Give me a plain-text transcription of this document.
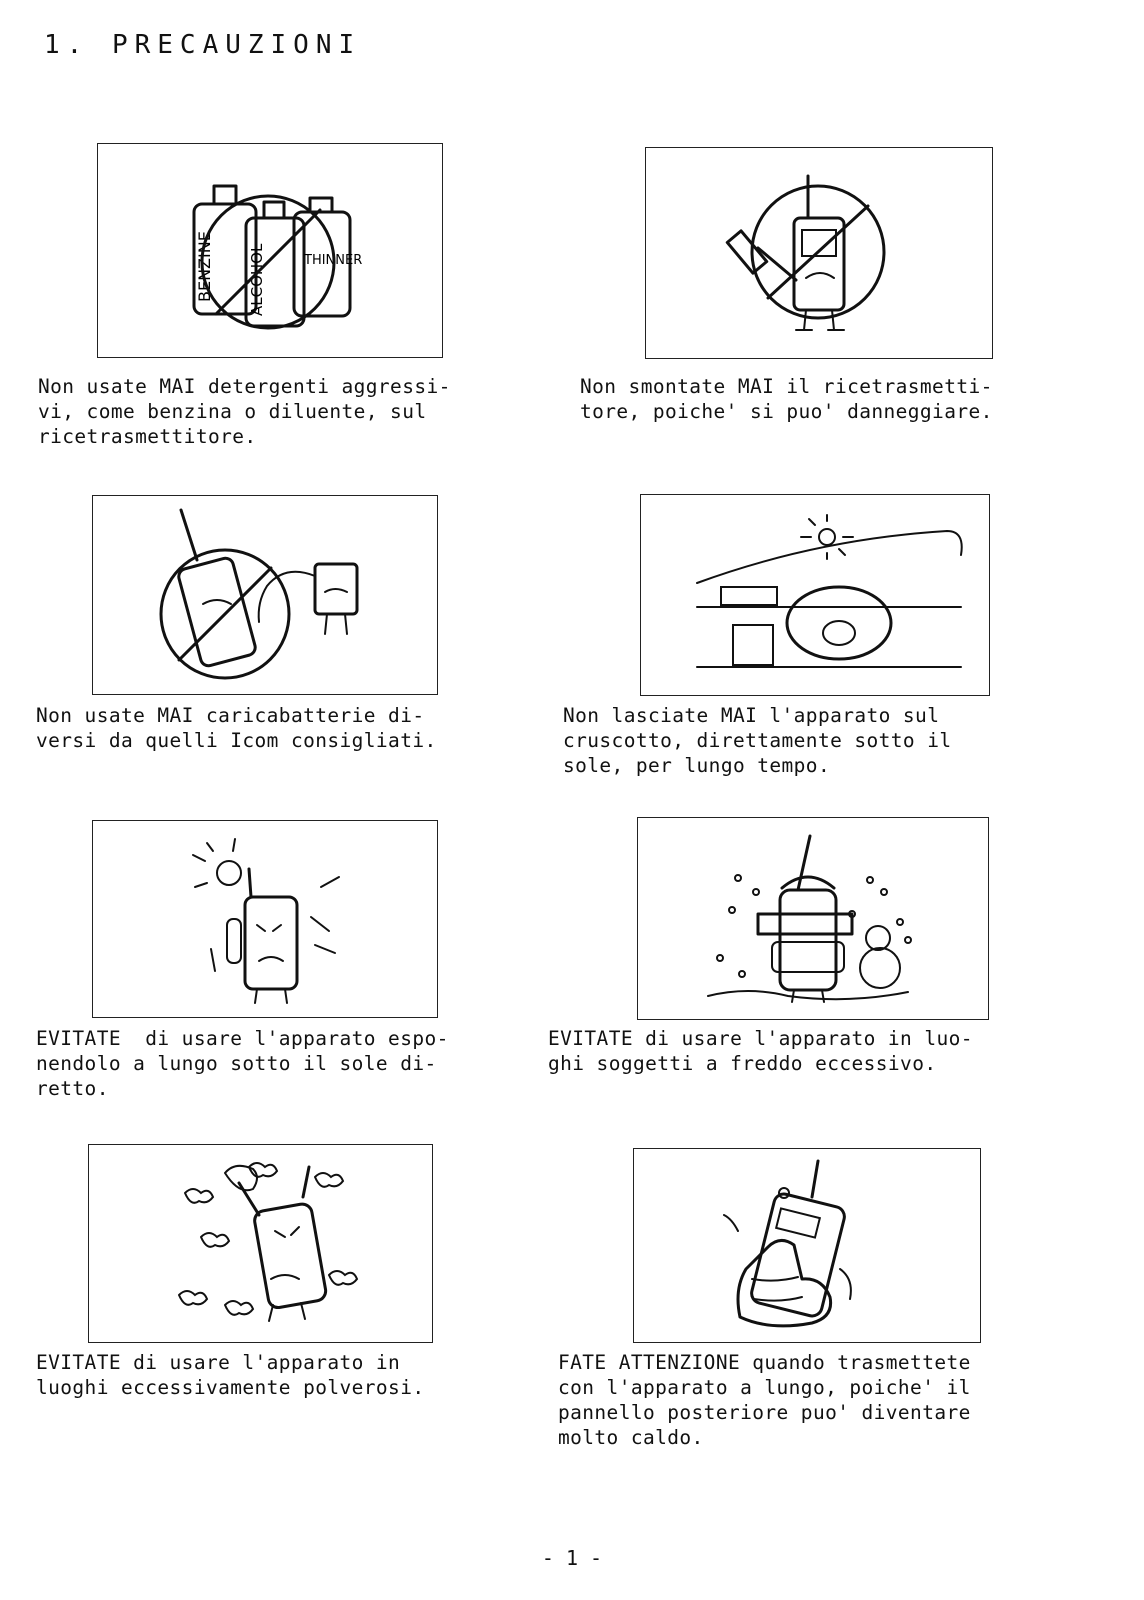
1. PRECAUZIONI
BENZINE ALCOHOL	THINNER
Non usate MAI detergenti aggressi-
vi, come benzina o diluente, sul
ricetrasmettitore.
Non smontate MAI il ricetrasmetti-
tore, poiche' si puo' danneggiare.
Non usate MAI caricabatterie di-
versi da quelli Icom consigliati.
Non lasciate MAI l'apparato sul
cruscotto, direttamente sotto il
sole, per lungo tempo.
EVITATE  di usare l'apparato espo-
nendolo a lungo sotto il sole di-
retto.
EVITATE di usare l'apparato in luo-
ghi soggetti a freddo eccessivo.
EVITATE di usare l'apparato in
luoghi eccessivamente polverosi.
FATE ATTENZIONE quando trasmettete
con l'apparato a lungo, poiche' il
pannello posteriore puo' diventare
molto caldo.
- 1 -
